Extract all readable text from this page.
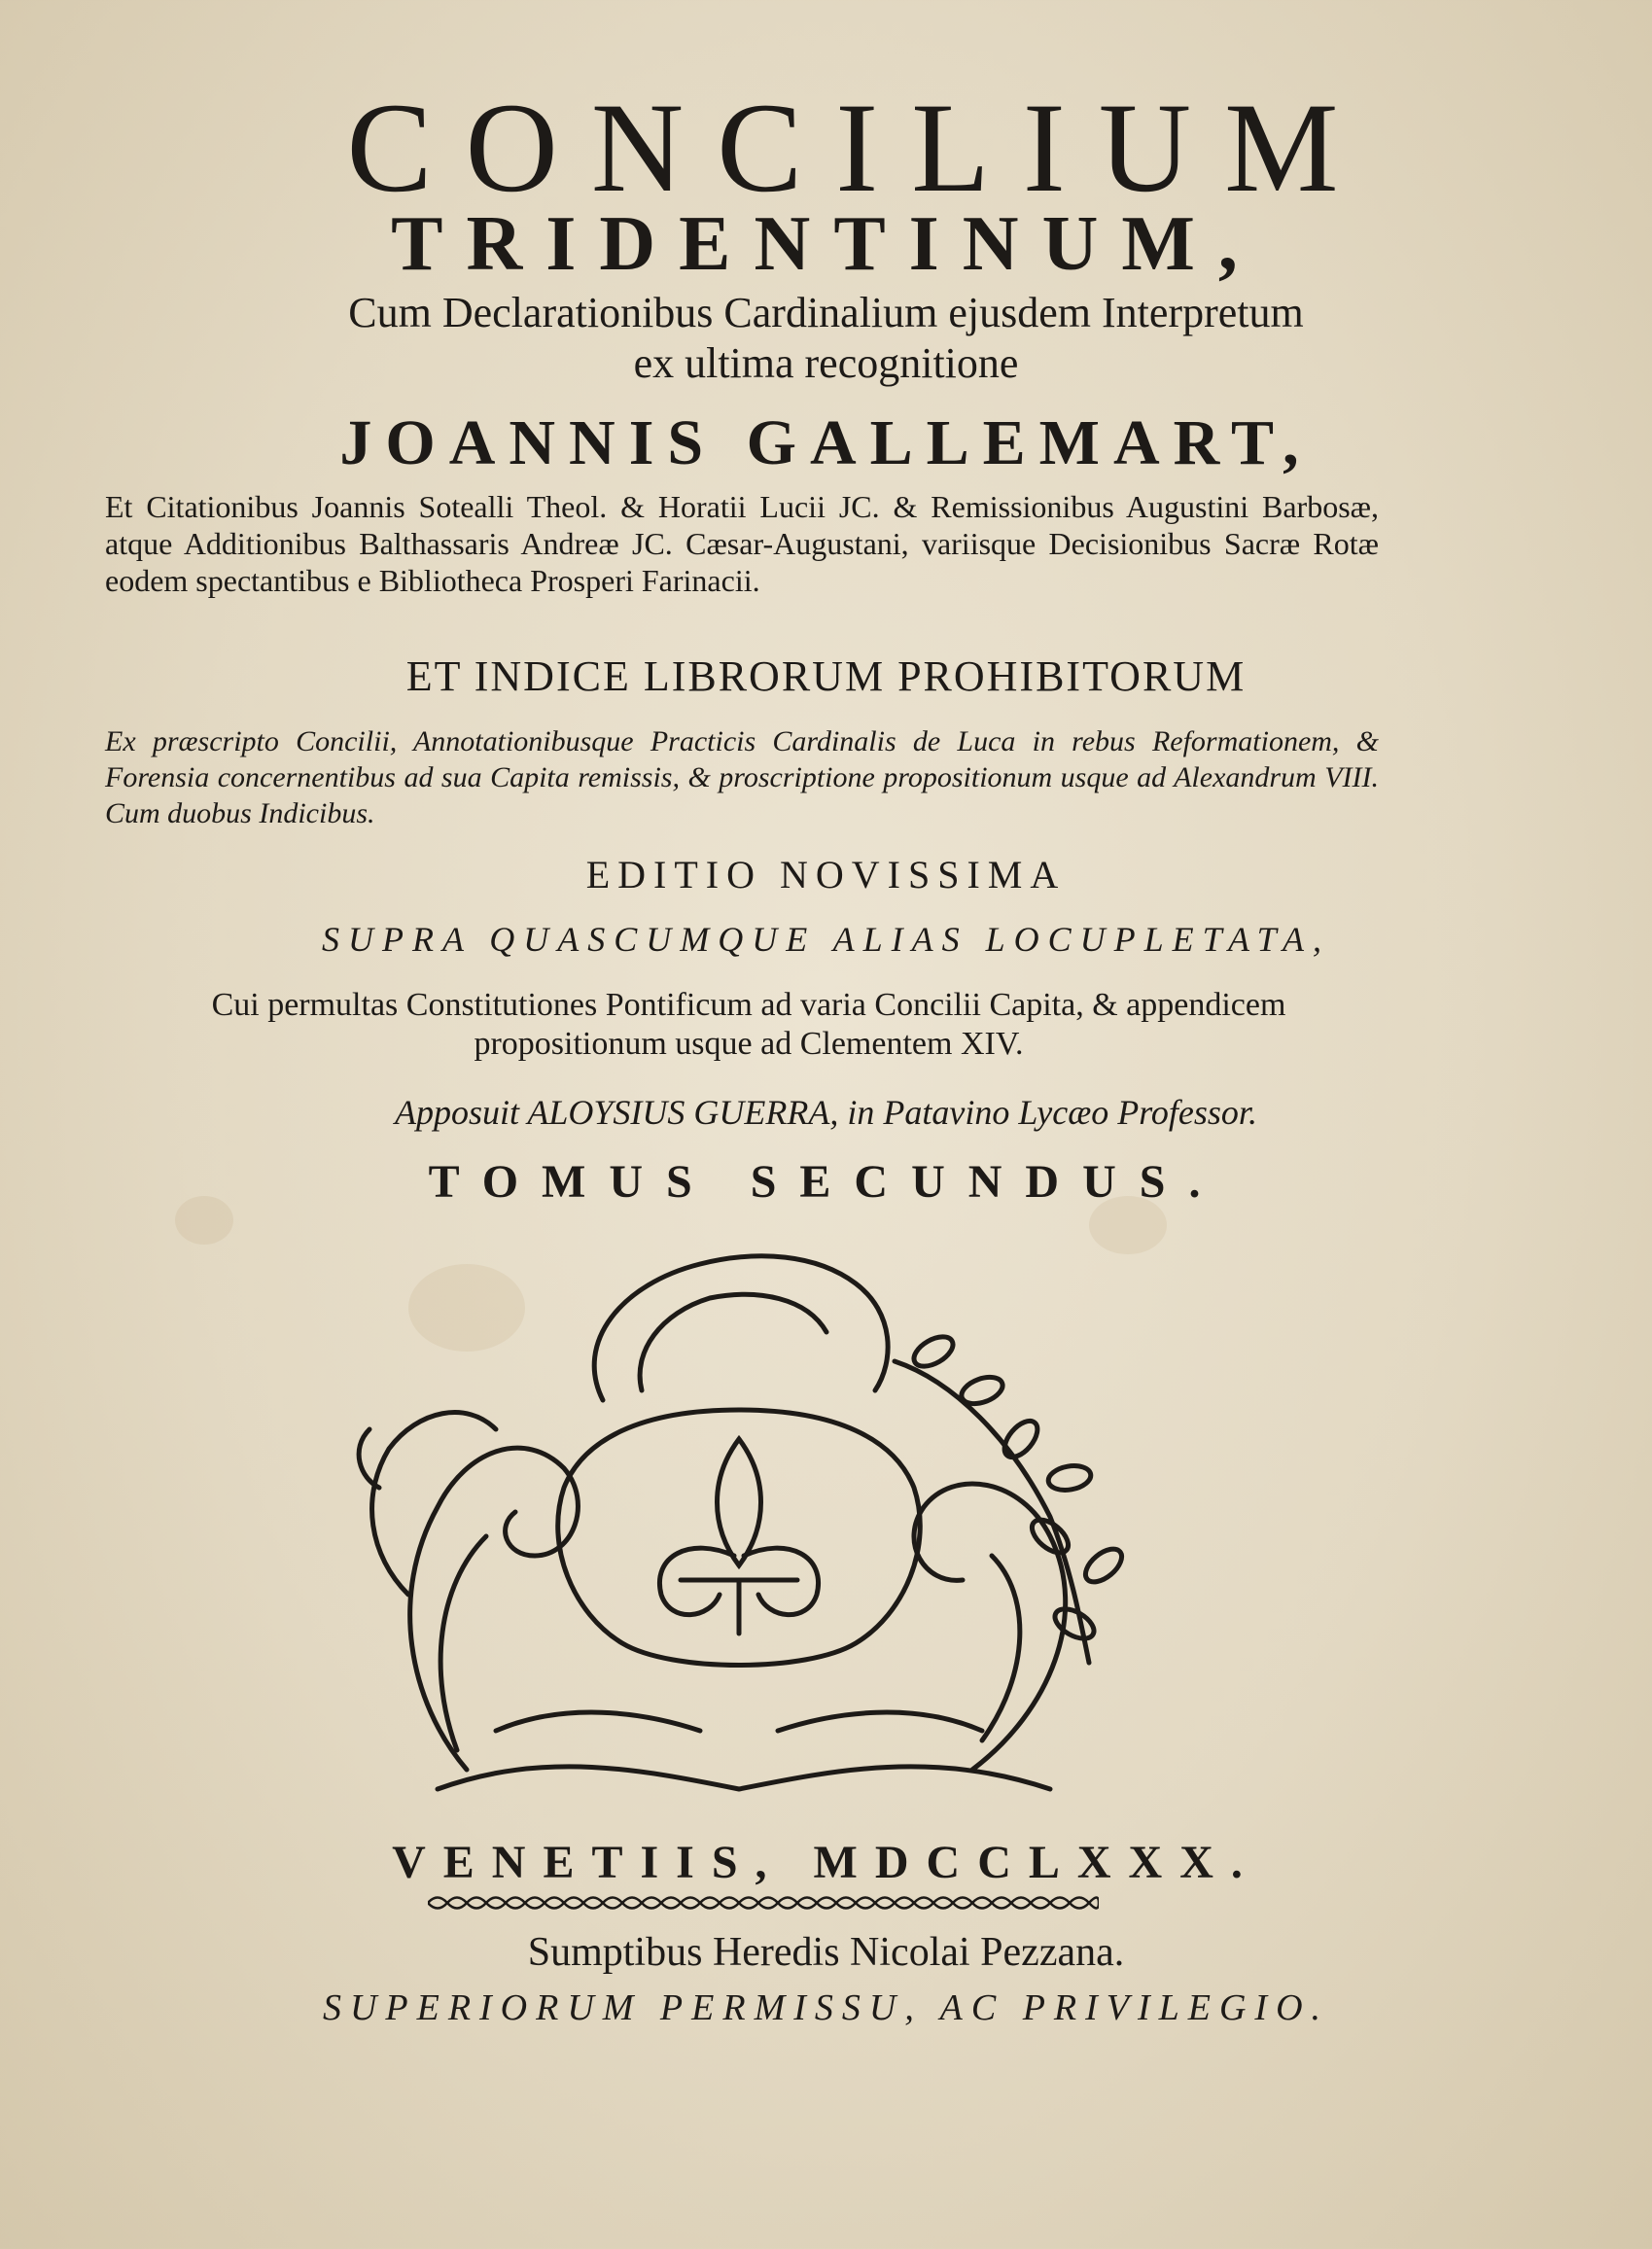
CONCILIUM
TRIDENTINUM,
Cum Declarationibus Cardinalium ejusdem Interpretum
ex ultima recognitione
JOANNIS GALLEMART,
Et Citationibus Joannis Sotealli Theol. & Horatii Lucii JC. & Remissionibus Augustini Barbosæ, atque Additionibus Balthassaris Andreæ JC. Cæsar-Augustani, variisque Decisionibus Sacræ Rotæ eodem spectantibus e Bibliotheca Prosperi Farinacii.
ET INDICE LIBRORUM PROHIBITORUM
Ex præscripto Concilii, Annotationibusque Practicis Cardinalis de Luca in rebus Reformationem, & Forensia concernentibus ad sua Capita remissis, & proscriptione propositionum usque ad Alexandrum VIII. Cum duobus Indicibus.
EDITIO NOVISSIMA
SUPRA QUASCUMQUE ALIAS LOCUPLETATA,
Cui permultas Constitutiones Pontificum ad varia Concilii Capita, & appendicem propositionum usque ad Clementem XIV.
Apposuit ALOYSIUS GUERRA, in Patavino Lycæo Professor.
TOMUS SECUNDUS.
VENETIIS, MDCCLXXX.
Sumptibus Heredis Nicolai Pezzana.
SUPERIORUM PERMISSU, AC PRIVILEGIO.
